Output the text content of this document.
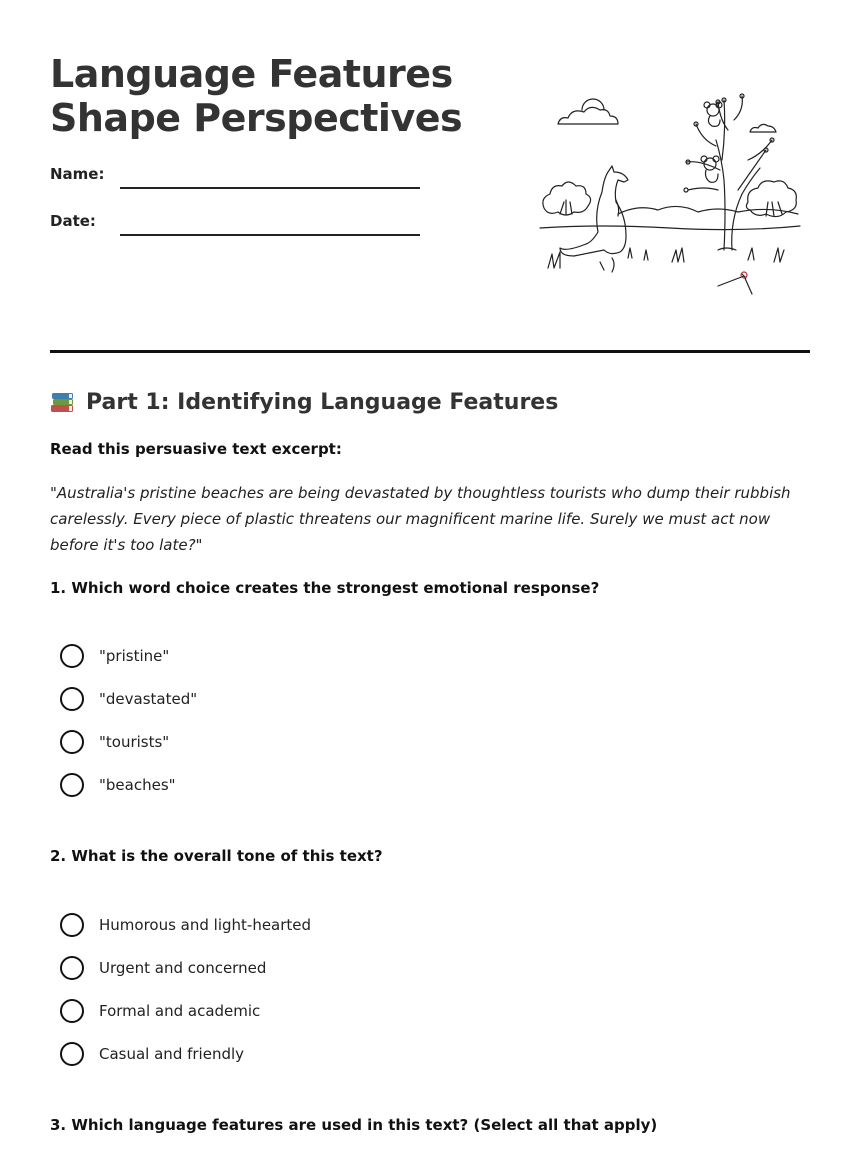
Language Features
Shape Perspectives
Name:
Date:
Part 1: Identifying Language Features
Read this persuasive text excerpt:
"Australia's pristine beaches are being devastated by thoughtless tourists who dump their rubbish carelessly. Every piece of plastic threatens our magnificent marine life. Surely we must act now before it's too late?"
1. Which word choice creates the strongest emotional response?
"pristine"
"devastated"
"tourists"
"beaches"
2. What is the overall tone of this text?
Humorous and light-hearted
Urgent and concerned
Formal and academic
Casual and friendly
3. Which language features are used in this text? (Select all that apply)
